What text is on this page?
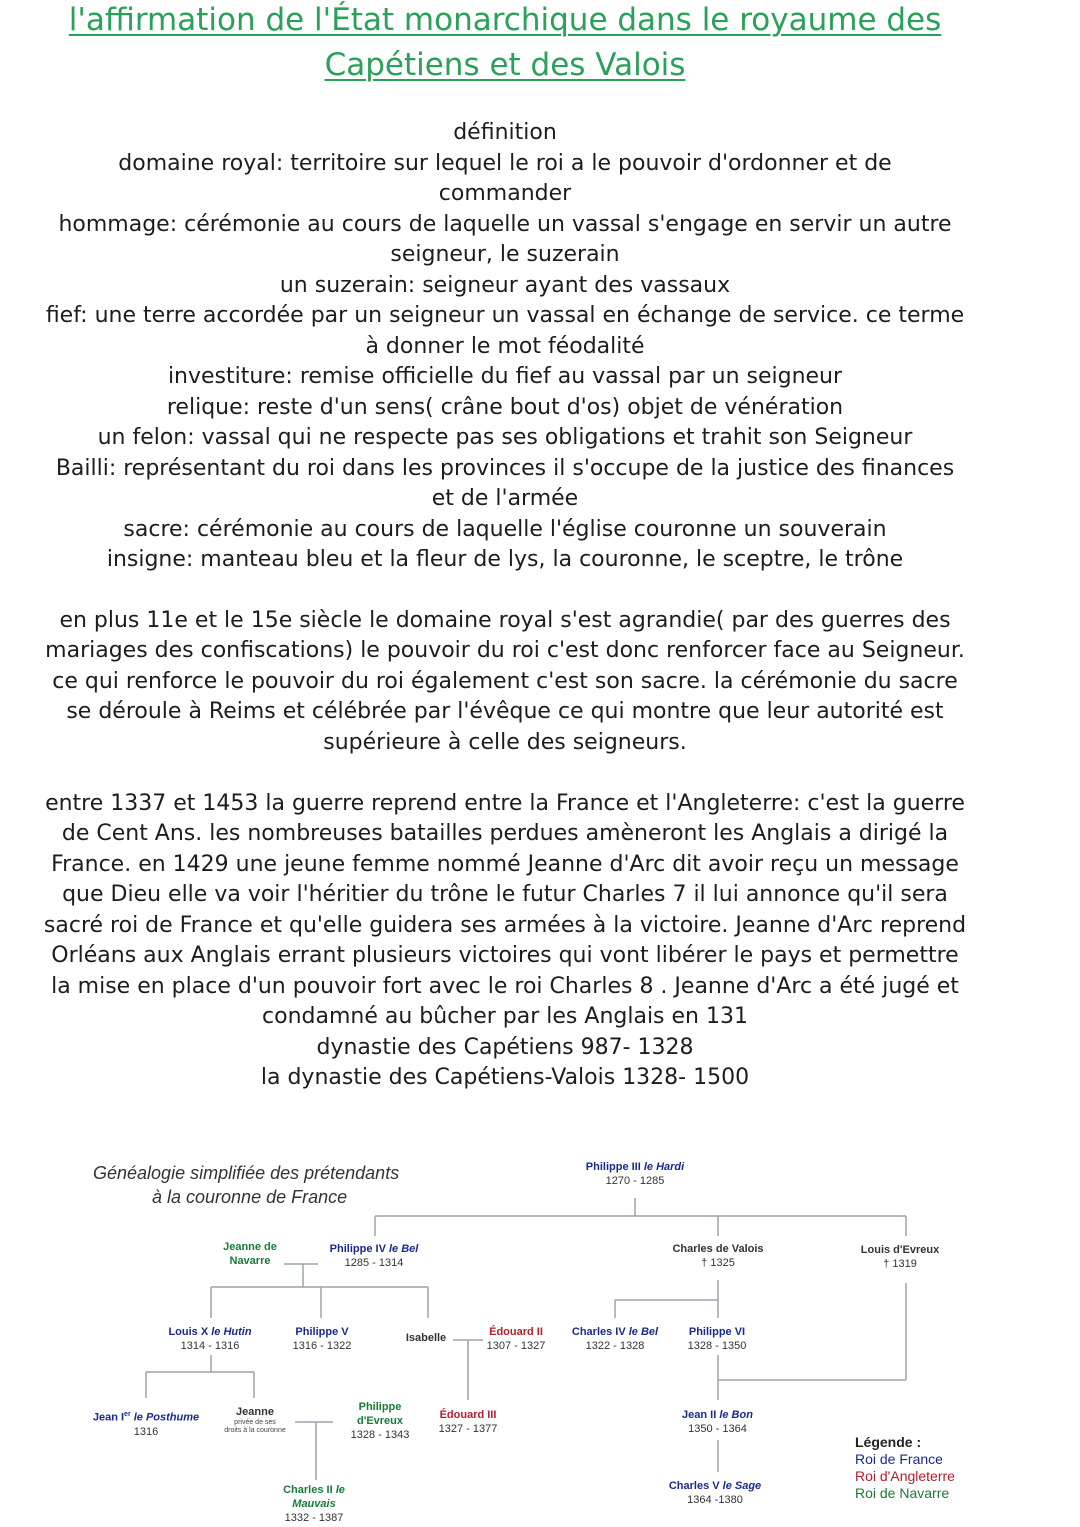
l'affirmation de l'État monarchique dans le royaume des
Capétiens et des Valois
définition
domaine royal: territoire sur lequel le roi a le pouvoir d'ordonner et de
commander
hommage: cérémonie au cours de laquelle un vassal s'engage en servir un autre
seigneur, le suzerain
un suzerain: seigneur ayant des vassaux
fief: une terre accordée par un seigneur un vassal en échange de service. ce terme
à donner le mot féodalité
investiture: remise officielle du fief au vassal par un seigneur
relique: reste d'un sens( crâne bout d'os) objet de vénération
un felon: vassal qui ne respecte pas ses obligations et trahit son Seigneur
Bailli: représentant du roi dans les provinces il s'occupe de la justice des finances
et de l'armée
sacre: cérémonie au cours de laquelle l'église couronne un souverain
insigne: manteau bleu et la fleur de lys, la couronne, le sceptre, le trône
en plus 11e et le 15e siècle le domaine royal s'est agrandie( par des guerres des
mariages des confiscations) le pouvoir du roi c'est donc renforcer face au Seigneur.
ce qui renforce le pouvoir du roi également c'est son sacre. la cérémonie du sacre
se déroule à Reims et célébrée par l'évêque ce qui montre que leur autorité est
supérieure à celle des seigneurs.
entre 1337 et 1453 la guerre reprend entre la France et l'Angleterre: c'est la guerre
de Cent Ans. les nombreuses batailles perdues amèneront les Anglais a dirigé la
France. en 1429 une jeune femme nommé Jeanne d'Arc dit avoir reçu un message
que Dieu elle va voir l'héritier du trône le futur Charles 7 il lui annonce qu'il sera
sacré roi de France et qu'elle guidera ses armées à la victoire. Jeanne d'Arc reprend
Orléans aux Anglais errant plusieurs victoires qui vont libérer le pays et permettre
la mise en place d'un pouvoir fort avec le roi Charles 8 . Jeanne d'Arc a été jugé et
condamné au bûcher par les Anglais en 131
dynastie des Capétiens 987- 1328
la dynastie des Capétiens-Valois 1328- 1500
Généalogie simplifiée des prétendants
à la couronne de France
Philippe III le Hardi
1270 - 1285
Jeanne de
Navarre
Philippe IV le Bel
1285 - 1314
Charles de Valois
† 1325
Louis d'Evreux
† 1319
Louis X le Hutin
1314 - 1316
Philippe V
1316 - 1322
Isabelle	Édouard II
1307 - 1327
Charles IV le Bel
1322 - 1328
Philippe VI
1328 - 1350
Jean Ier le Posthume
1316
Jeanne
privée de ses
droits à la couronne
Philippe
d'Evreux
1328 - 1343
Édouard III
1327 - 1377
Jean II le Bon
1350 - 1364
Charles II le
Mauvais
1332 - 1387
Charles V le Sage
1364 -1380
Légende :
Roi de France
Roi d'Angleterre
Roi de Navarre
